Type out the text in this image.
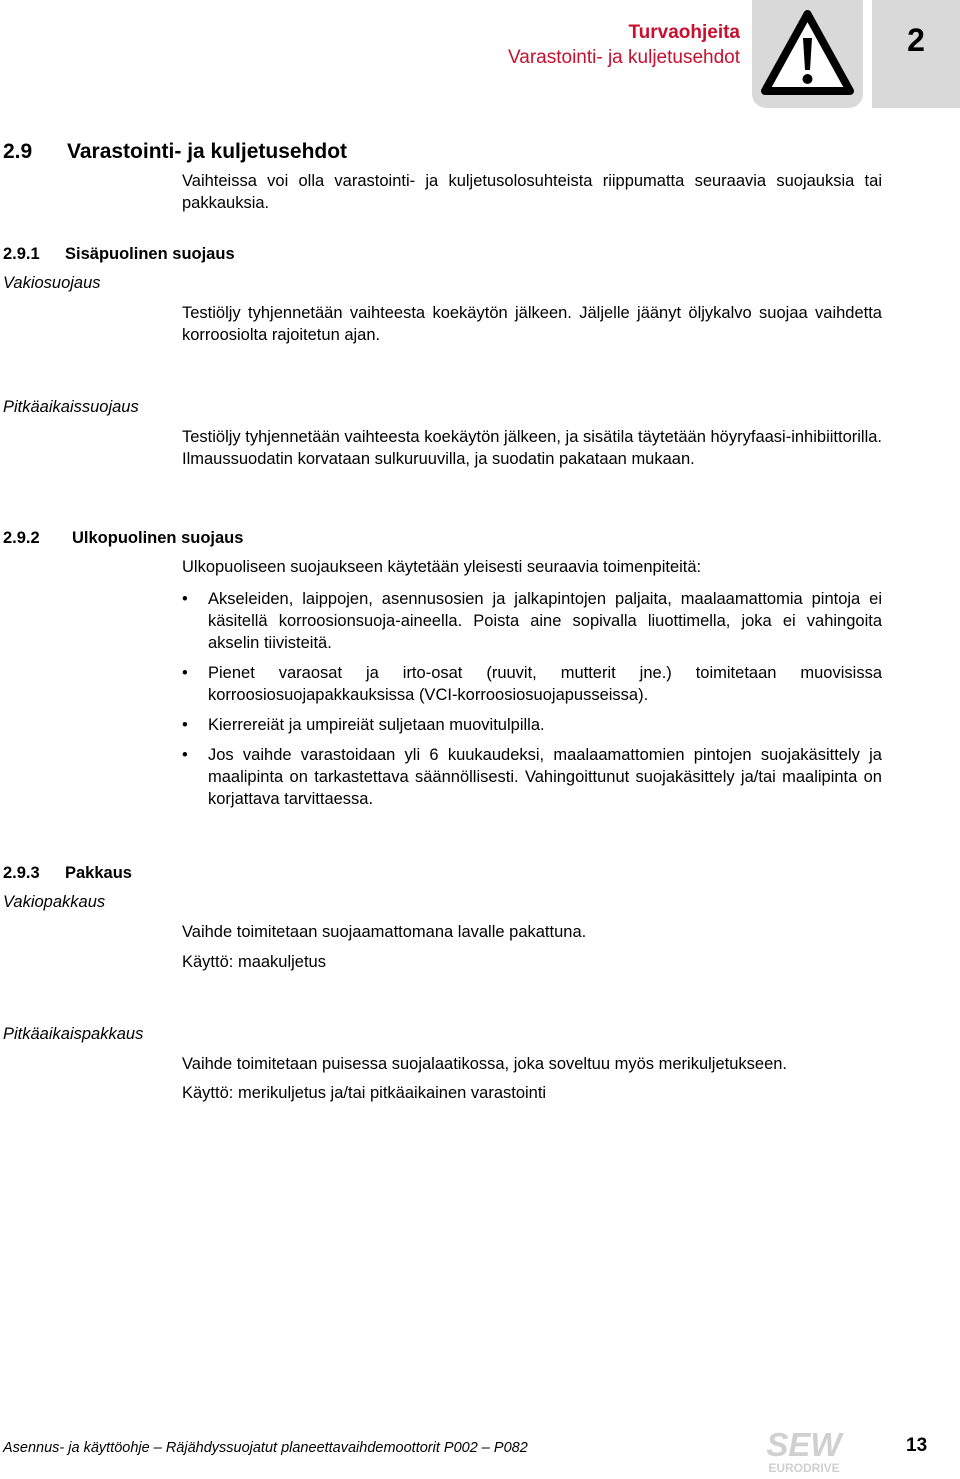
Turvaohjeita
Varastointi- ja kuljetusehdot	2
2.9 Varastointi- ja kuljetusehdot
Vaihteissa voi olla varastointi- ja kuljetusolosuhteista riippumatta seuraavia suojauksia tai pakkauksia.
2.9.1 Sisäpuolinen suojaus
Vakiosuojaus
Testiöljy tyhjennetään vaihteesta koekäytön jälkeen. Jäljelle jäänyt öljykalvo suojaa vaihdetta korroosiolta rajoitetun ajan.
Pitkäaikaissuojaus
Testiöljy tyhjennetään vaihteesta koekäytön jälkeen, ja sisätila täytetään höyryfaasi-inhibiittorilla. Ilmaussuodatin korvataan sulkuruuvilla, ja suodatin pakataan mukaan.
2.9.2 Ulkopuolinen suojaus
Ulkopuoliseen suojaukseen käytetään yleisesti seuraavia toimenpiteitä:
• Akseleiden, laippojen, asennusosien ja jalkapintojen paljaita, maalaamattomia pintoja ei käsitellä korroosionsuoja-aineella. Poista aine sopivalla liuottimella, joka ei vahingoita akselin tiivisteitä.
• Pienet varaosat ja irto-osat (ruuvit, mutterit jne.) toimitetaan muovisissa korroosiosuojapakkauksissa (VCI-korroosiosuojapusseissa).
• Kierrereiät ja umpireiät suljetaan muovitulpilla.
• Jos vaihde varastoidaan yli 6 kuukaudeksi, maalaamattomien pintojen suojakäsittely ja maalipinta on tarkastettava säännöllisesti. Vahingoittunut suojakäsittely ja/tai maalipinta on korjattava tarvittaessa.
2.9.3 Pakkaus
Vakiopakkaus
Vaihde toimitetaan suojaamattomana lavalle pakattuna.
Käyttö: maakuljetus
Pitkäaikaispakkaus
Vaihde toimitetaan puisessa suojalaatikossa, joka soveltuu myös merikuljetukseen.
Käyttö: merikuljetus ja/tai pitkäaikainen varastointi
Asennus- ja käyttöohje – Räjähdyssuojatut planeettavaihdemoottorit P002 – P082	SEW
EURODRIVE
13
